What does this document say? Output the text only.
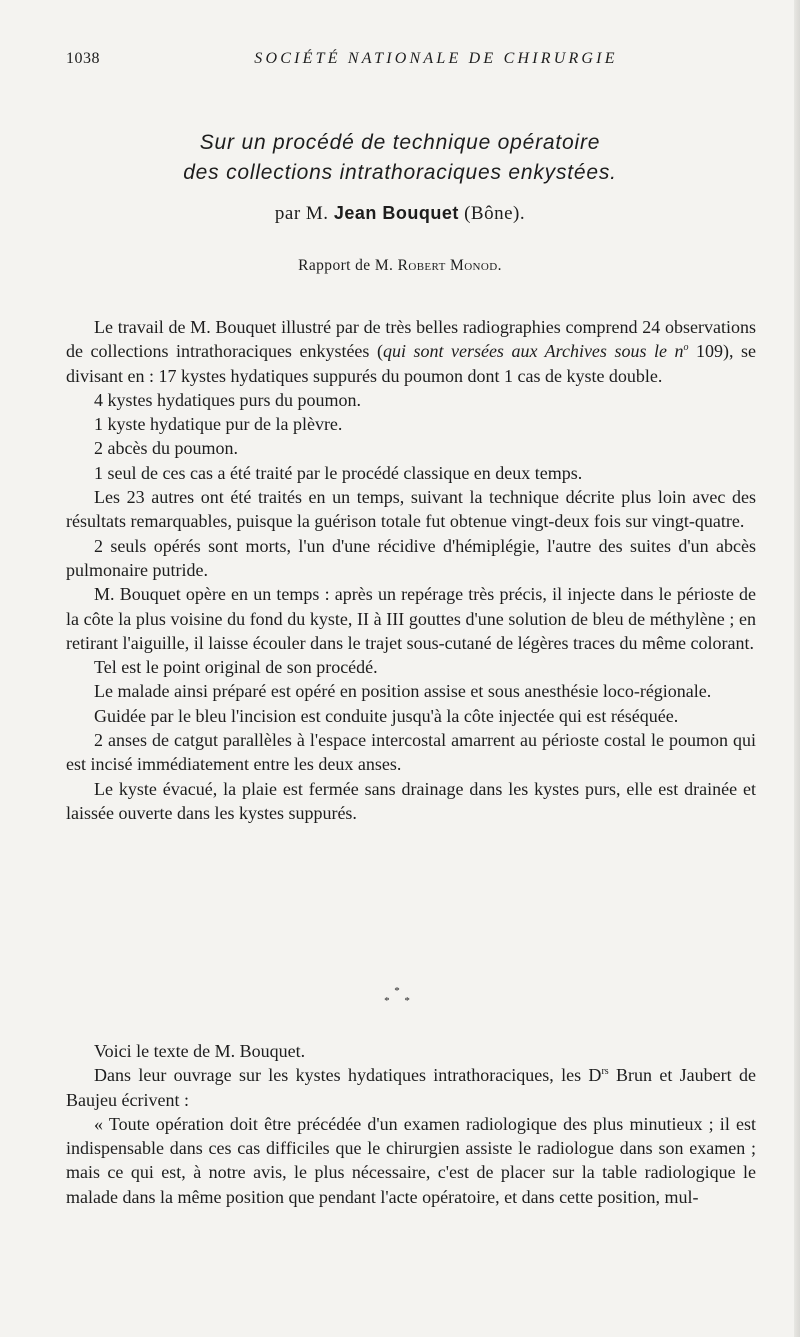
1038	SOCIÉTÉ NATIONALE DE CHIRURGIE
Sur un procédé de technique opératoire
des collections intrathoraciques enkystées.
par M. Jean Bouquet (Bône).
Rapport de M. Robert Monod.

Le travail de M. Bouquet illustré par de très belles radiographies comprend 24 observations de collections intrathoraciques enkystées (qui sont versées aux Archives sous le $n^o$ 109), se divisant en : 17 kystes hydatiques suppurés du poumon dont 1 cas de kyste double.

4 kystes hydatiques purs du poumon.

1 kyste hydatique pur de la plèvre.

2 abcès du poumon.

1 seul de ces cas a été traité par le procédé classique en deux temps.

Les 23 autres ont été traités en un temps, suivant la technique décrite plus loin avec des résultats remarquables, puisque la guérison totale fut obtenue vingt-deux fois sur vingt-quatre.

2 seuls opérés sont morts, l'un d'une récidive d'hémiplégie, l'autre des suites d'un abcès pulmonaire putride.

M. Bouquet opère en un temps : après un repérage très précis, il injecte dans le périoste de la côte la plus voisine du fond du kyste, II à III gouttes d'une solution de bleu de méthylène ; en retirant l'aiguille, il laisse écouler dans le trajet sous-cutané de légères traces du même colorant.

Tel est le point original de son procédé.

Le malade ainsi préparé est opéré en position assise et sous anesthésie loco-régionale.

Guidée par le bleu l'incision est conduite jusqu'à la côte injectée qui est réséquée.

2 anses de catgut parallèles à l'espace intercostal amarrent au périoste costal le poumon qui est incisé immédiatement entre les deux anses.

Le kyste évacué, la plaie est fermée sans drainage dans les kystes purs, elle est drainée et laissée ouverte dans les kystes suppurés.

*
* *

Voici le texte de M. Bouquet.

Dans leur ouvrage sur les kystes hydatiques intrathoraciques, les $D^{rs}$ Brun et Jaubert de Baujeu écrivent :

« Toute opération doit être précédée d'un examen radiologique des plus minutieux ; il est indispensable dans ces cas difficiles que le chirurgien assiste le radiologue dans son examen ; mais ce qui est, à notre avis, le plus nécessaire, c'est de placer sur la table radiologique le malade dans la même position que pendant l'acte opératoire, et dans cette position, mul-
